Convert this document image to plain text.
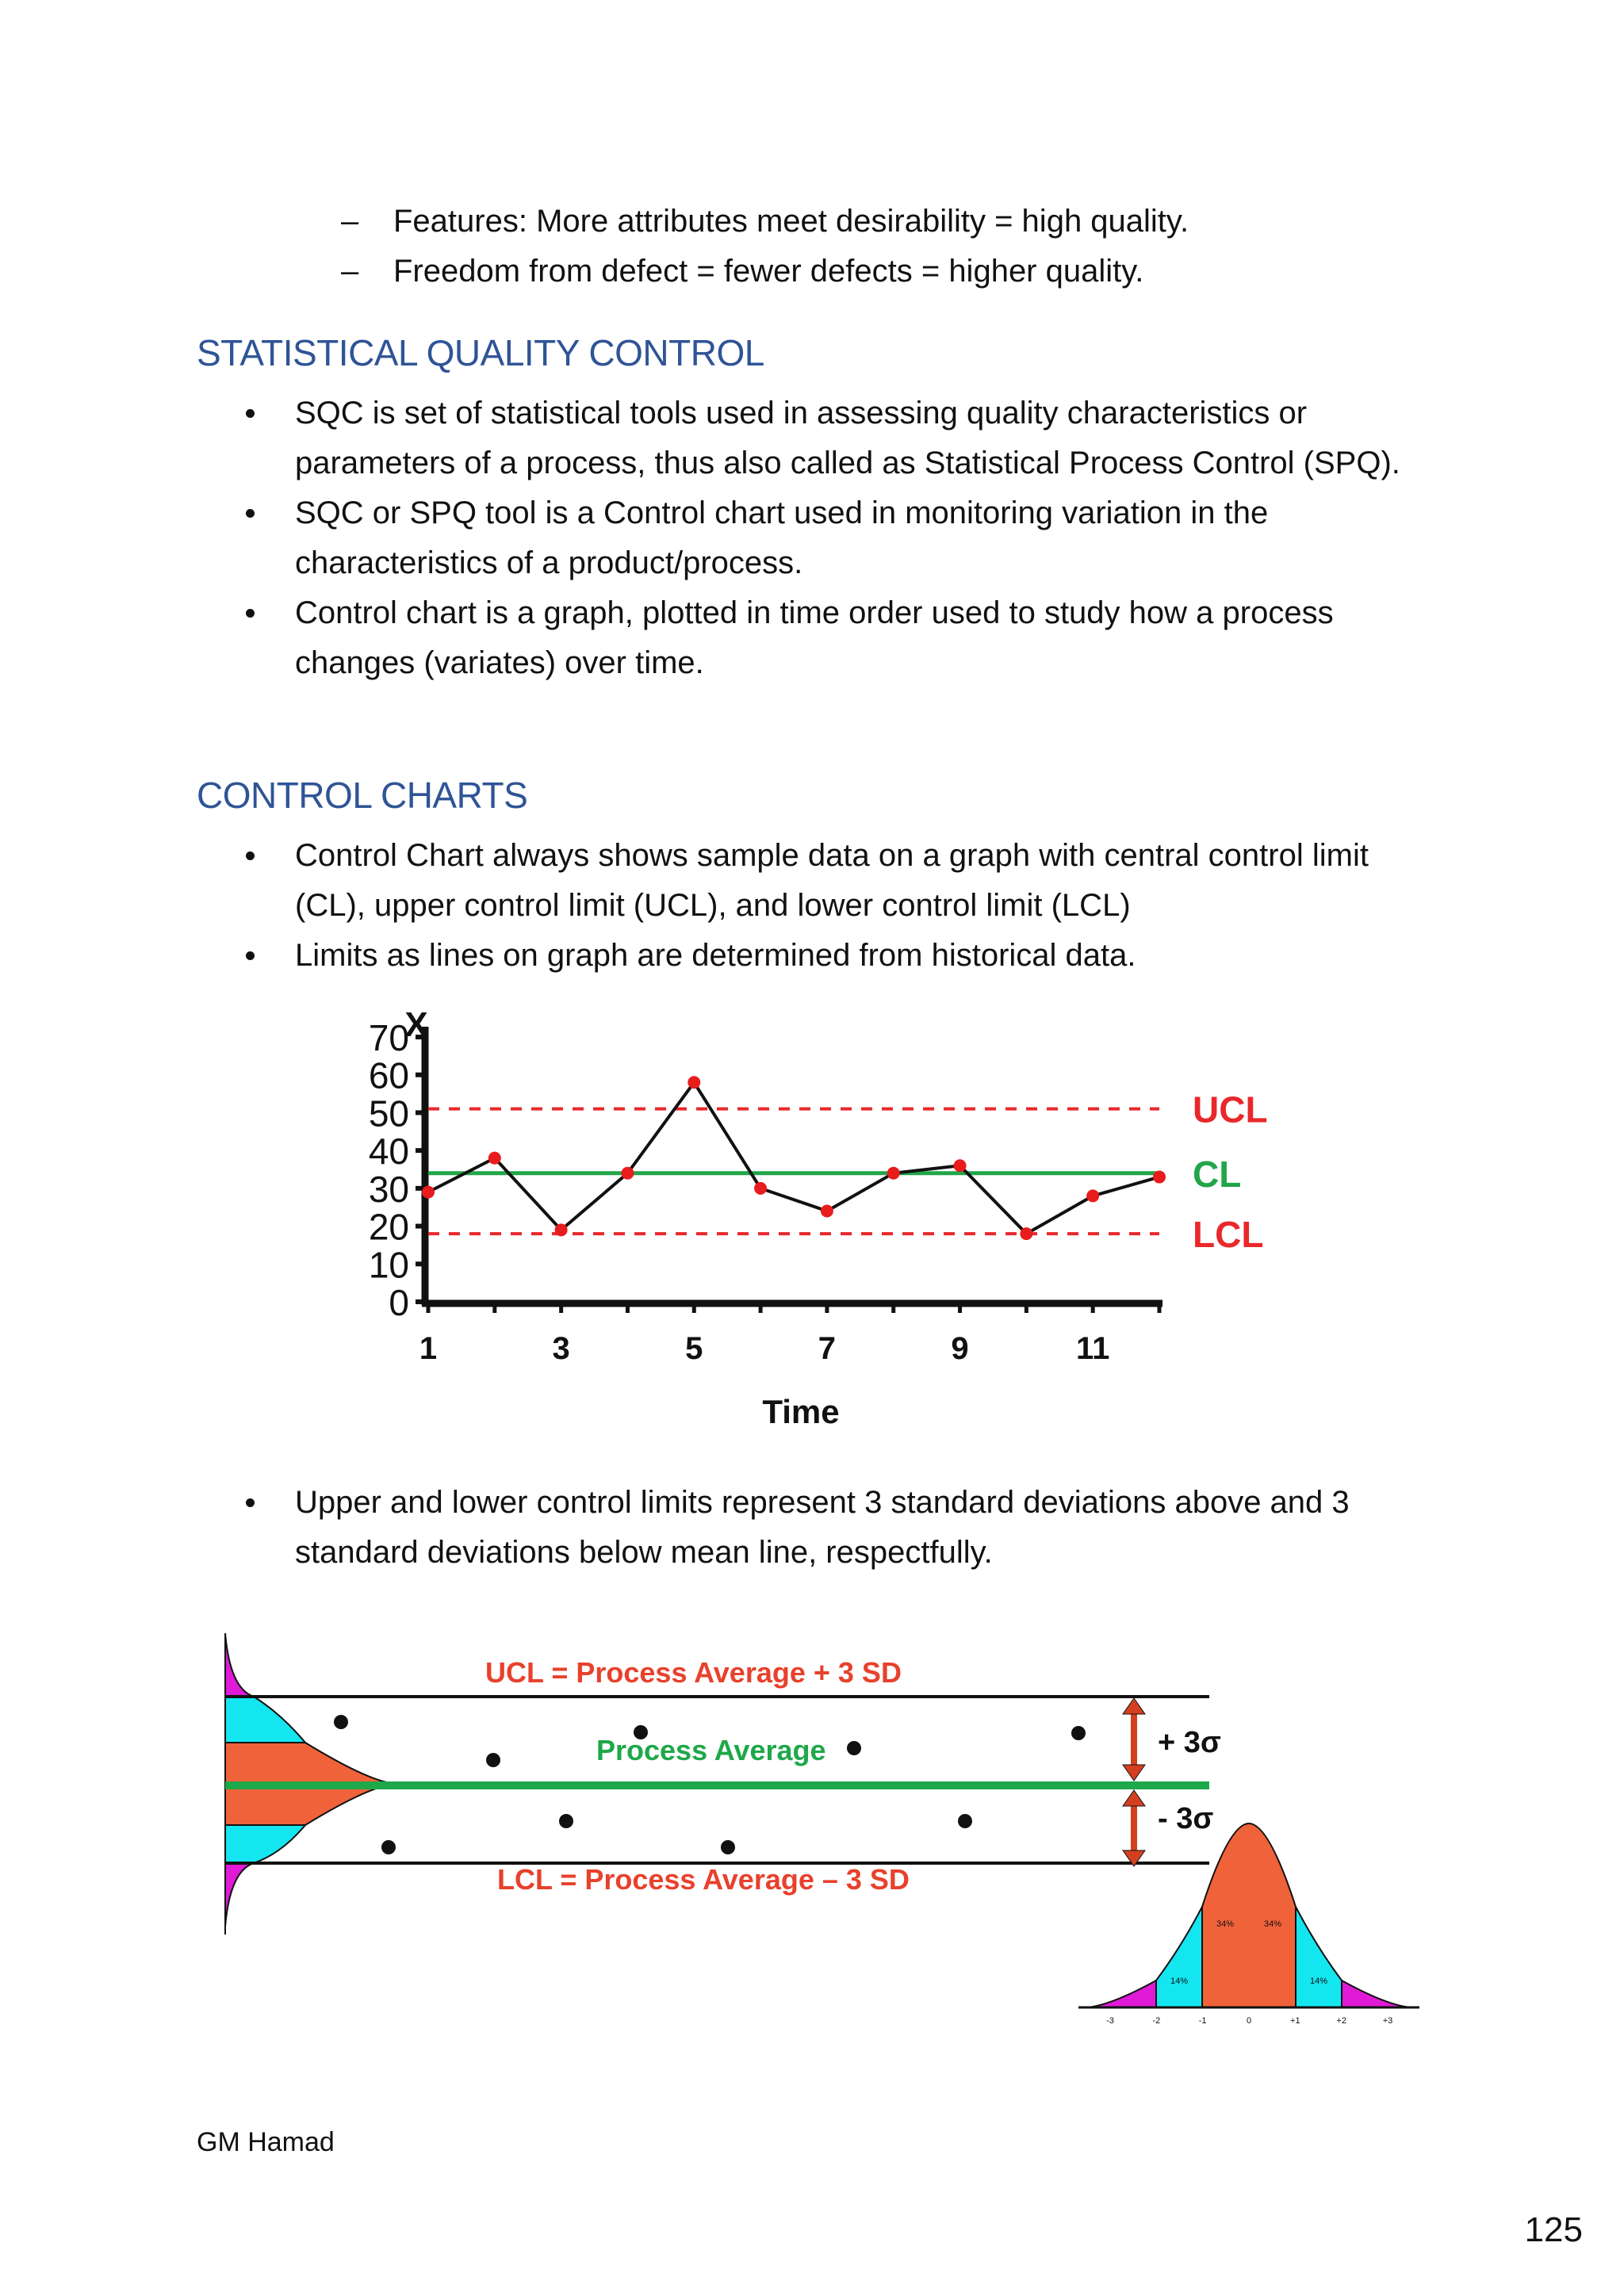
– Features: More attributes meet desirability = high quality.
– Freedom from defect = fewer defects = higher quality.
STATISTICAL QUALITY CONTROL
SQC is set of statistical tools used in assessing quality characteristics or parameters of a process, thus also called as Statistical Process Control (SPQ).
SQC or SPQ tool is a Control chart used in monitoring variation in the characteristics of a product/process.
Control chart is a graph, plotted in time order used to study how a process changes (variates) over time.
CONTROL CHARTS
Control Chart always shows sample data on a graph with central control limit (CL), upper control limit (UCL), and lower control limit (LCL)
Limits as lines on graph are determined from historical data.
0
10
20
30
40
50
60
70
1	3	5	7	9	11
UCL
CL
LCL
X
Time
Upper and lower control limits represent 3 standard deviations above and 3 standard deviations below mean line, respectfully.
UCL = Process Average + 3 SD
Process Average
LCL = Process Average – 3 SD
+ 3σ
- 3σ
34%	34%
14%	14%
-3	-2	-1	0	+1	+2	+3
GM Hamad
125
